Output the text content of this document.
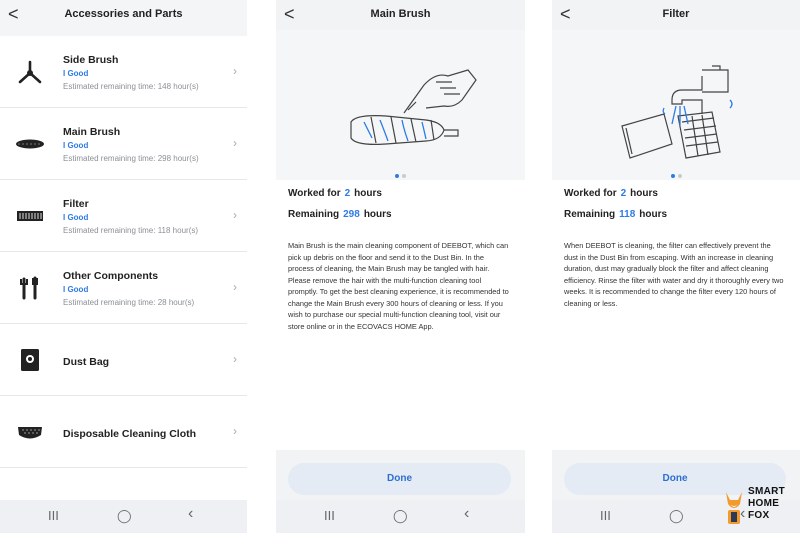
<	Accessories and Parts
Side Brush
I Good
Estimated remaining time: 148 hour(s)
›
Main Brush
I Good
Estimated remaining time: 298 hour(s)
›
Filter
I Good
Estimated remaining time: 118 hour(s)
›
Other Components
I Good
Estimated remaining time: 28 hour(s)
›
Dust Bag	›
Disposable Cleaning Cloth	›
III	◯	‹
<	Main Brush

Worked for 2 hours
Remaining 298 hours
Main Brush is the main cleaning component of DEEBOT, which can pick up debris on the floor and send it to the Dust Bin. In the process of cleaning, the Main Brush may be tangled with hair. Please remove the hair with the multi-function cleaning tool promptly. To get the best cleaning experience, it is recommended to change the Main Brush every 300 hours of cleaning or less. If you wish to purchase our special multi-function cleaning tool, visit our store online or in the ECOVACS HOME App.
Done
III	◯	‹
<	Filter

Worked for 2 hours
Remaining 118 hours
When DEEBOT is cleaning, the filter can effectively prevent the dust in the Dust Bin from escaping. With an increase in cleaning duration, dust may gradually block the filter and affect cleaning efficiency. Rinse the filter with water and dry it thoroughly every two weeks. It is recommended to change the filter every 120 hours of cleaning or less.
Done
III	◯	‹
SMART
HOME
FOX
